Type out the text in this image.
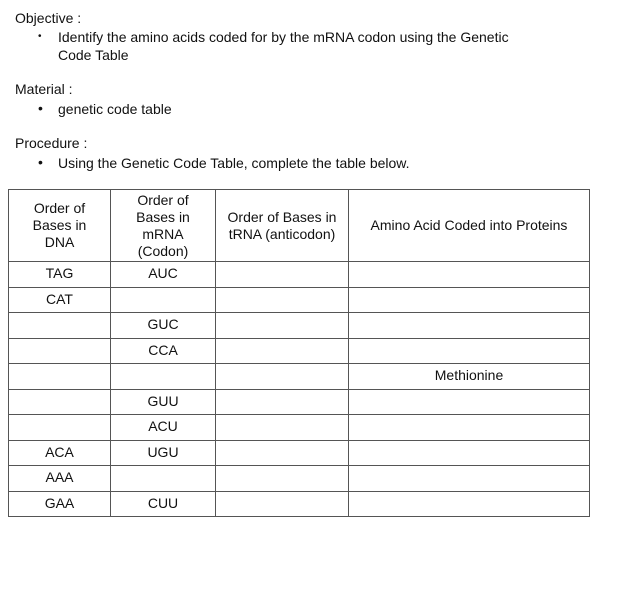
Objective :
•	Identify the amino acids coded for by the mRNA codon using the Genetic
Code Table
Material :
•	genetic code table
Procedure :
•	Using the Genetic Code Table, complete the table below.
Order of
Bases in
DNA	Order of
Bases in
mRNA
(Codon)	Order of Bases in
tRNA (anticodon)	Amino Acid Coded into Proteins
TAG	AUC		
CAT			
	GUC		
	CCA		
			Methionine
	GUU		
	ACU		
ACA	UGU		
AAA			
GAA	CUU		
